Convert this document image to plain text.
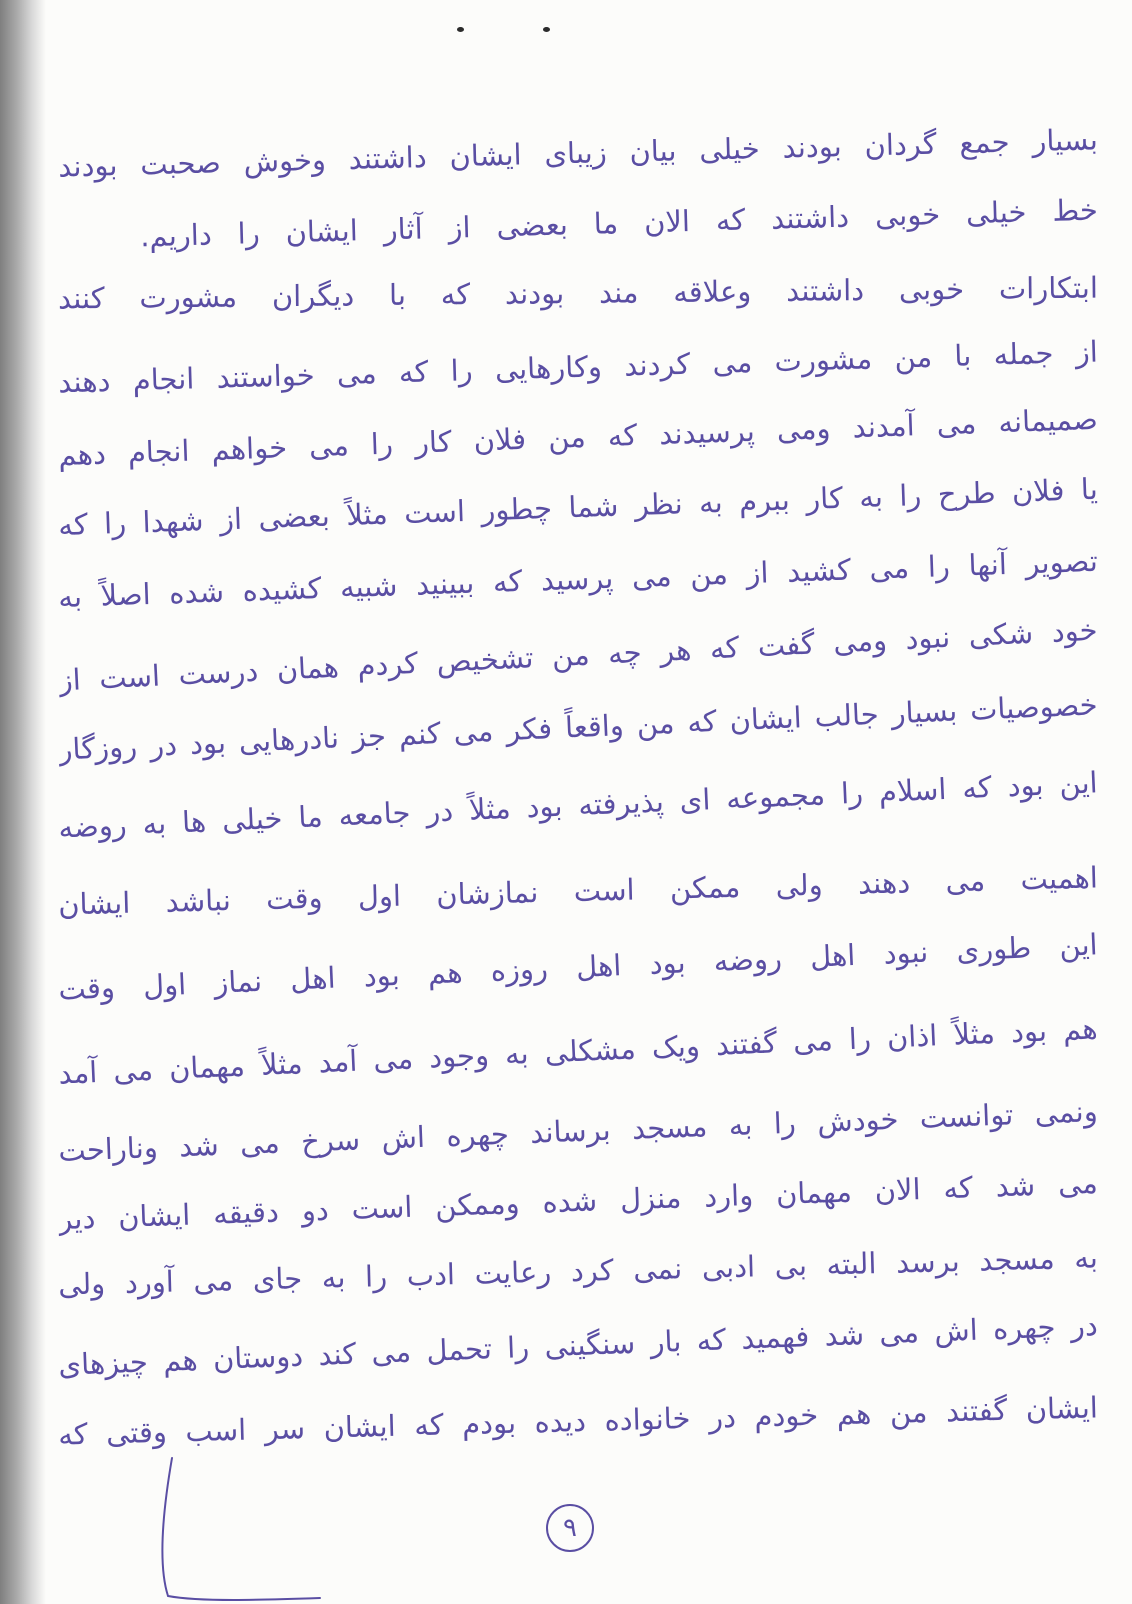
بسیار جمع گردان بودند خیلی بیان زیبای ایشان داشتند وخوش صحبت بودند
خط خیلی خوبی داشتند که الان ما بعضی از آثار ایشان را داریم.
ابتکارات خوبی داشتند وعلاقه مند بودند که با دیگران مشورت کنند
از جمله با من مشورت می کردند وکارهایی را که می خواستند انجام دهند
صمیمانه می آمدند ومی پرسیدند که من فلان کار را می خواهم انجام دهم
یا فلان طرح را به کار ببرم به نظر شما چطور است مثلاً بعضی از شهدا را که
تصویر آنها را می کشید از من می پرسید که ببینید شبیه کشیده شده اصلاً به
خود شکی نبود ومی گفت که هر چه من تشخیص کردم همان درست است از
خصوصیات بسیار جالب ایشان که من واقعاً فکر می کنم جز نادرهایی بود در روزگار
این بود که اسلام را مجموعه ای پذیرفته بود مثلاً در جامعه ما خیلی ها به روضه
اهمیت می دهند ولی ممکن است نمازشان اول وقت نباشد ایشان
این طوری نبود اهل روضه بود اهل روزه هم بود اهل نماز اول وقت
هم بود مثلاً اذان را می گفتند ویک مشکلی به وجود می آمد مثلاً مهمان می آمد
ونمی توانست خودش را به مسجد برساند چهره اش سرخ می شد وناراحت
می شد که الان مهمان وارد منزل شده وممکن است دو دقیقه ایشان دیر
به مسجد برسد البته بی ادبی نمی کرد رعایت ادب را به جای می آورد ولی
در چهره اش می شد فهمید که بار سنگینی را تحمل می کند دوستان هم چیزهای
ایشان گفتند من هم خودم در خانواده دیده بودم که ایشان سر اسب وقتی که
۹
